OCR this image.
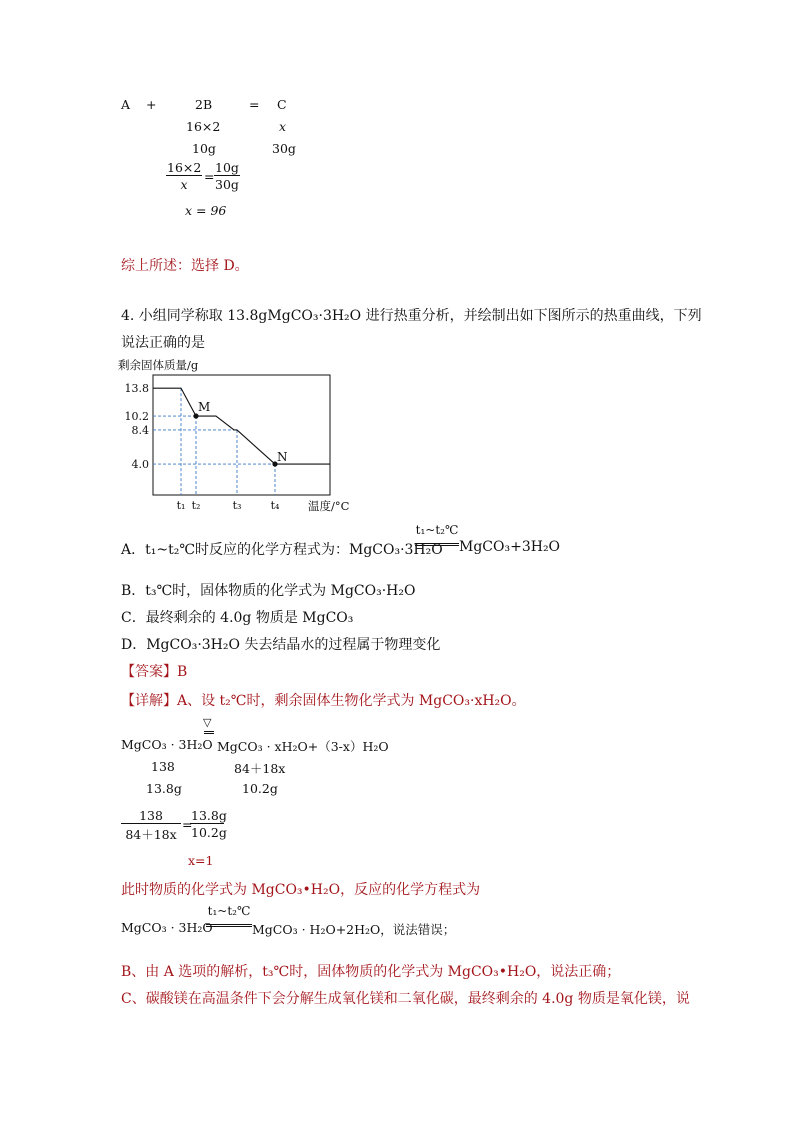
A +	2B	= C
16×2	x
10g	30g
$\frac{16\times 2}{x} = \frac{10g}{30g}$
x = 96
综上所述：选择 D。
4. 小组同学称取 13.8gMgCO₃·3H₂O 进行热重分析，并绘制出如下图所示的热重曲线，下列
说法正确的是
剩余固体质量/g
M
N
13.8
10.2
8.4
4.0
t₁ t₂	t₃	t₄ 温度/°C
A．t₁~t₂℃时反应的化学方程式为：MgCO₃·3H₂O
t₁~t₂℃
MgCO₃+3H₂O
B．t₃℃时，固体物质的化学式为 MgCO₃·H₂O
C．最终剩余的 4.0g 物质是 MgCO₃
D．MgCO₃·3H₂O 失去结晶水的过程属于物理变化
【答案】B
【详解】A、设 t₂℃时，剩余固体生物化学式为 MgCO₃·xH₂O。
▽
MgCO₃ · 3H₂O MgCO₃ · xH₂O+（3-x）H₂O
138	84＋18x
13.8g	10.2g
$\frac{138}{84+18x}$ =
$\frac{13.8g}{10.2g}$
x=1
此时物质的化学式为 MgCO₃•H₂O，反应的化学方程式为
MgCO₃ · 3H₂O
t₁~t₂℃
MgCO₃ · H₂O+2H₂O，说法错误；
B、由 A 选项的解析，t₃℃时，固体物质的化学式为 MgCO₃•H₂O，说法正确；
C、碳酸镁在高温条件下会分解生成氧化镁和二氧化碳，最终剩余的 4.0g 物质是氧化镁，说
